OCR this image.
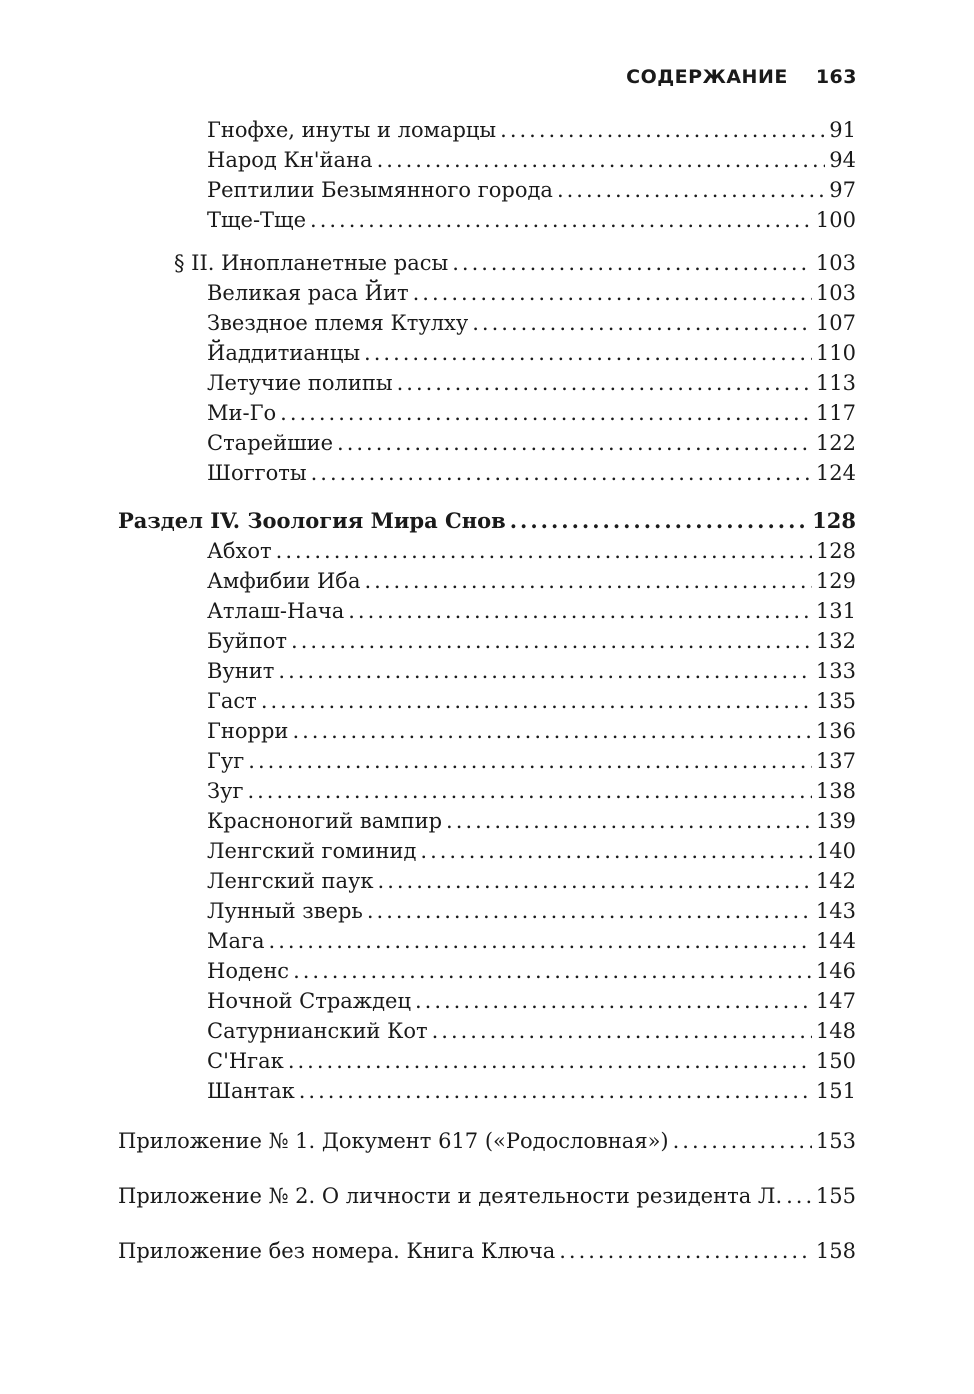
СОДЕРЖАНИЕ 163
Гнофхе, инуты и ломарцы .....	91
Народ Кн'йана .....	94
Рептилии Безымянного города .....	97
Тще-Тще .....	100
§ II. Инопланетные расы .....	103
Великая раса Йит .....	103
Звездное племя Ктулху .....	107
Йаддитианцы .....	110
Летучие полипы .....	113
Ми-Го .....	117
Старейшие .....	122
Шогготы .....	124
Раздел IV. Зоология Мира Снов .....	128
Абхот .....	128
Амфибии Иба .....	129
Атлаш-Нача .....	131
Буйпот .....	132
Вунит .....	133
Гаст .....	135
Гнорри .....	136
Гуг .....	137
Зуг .....	138
Красноногий вампир .....	139
Ленгский гоминид .....	140
Ленгский паук .....	142
Лунный зверь .....	143
Мага .....	144
Ноденс .....	146
Ночной Страждец .....	147
Сатурнианский Кот .....	148
С'Нгак .....	150
Шантак .....	151
Приложение № 1. Документ 617 («Родословная») .....	153
Приложение № 2. О личности и деятельности резидента Л. ..... 155
Приложение без номера. Книга Ключа .....	158
